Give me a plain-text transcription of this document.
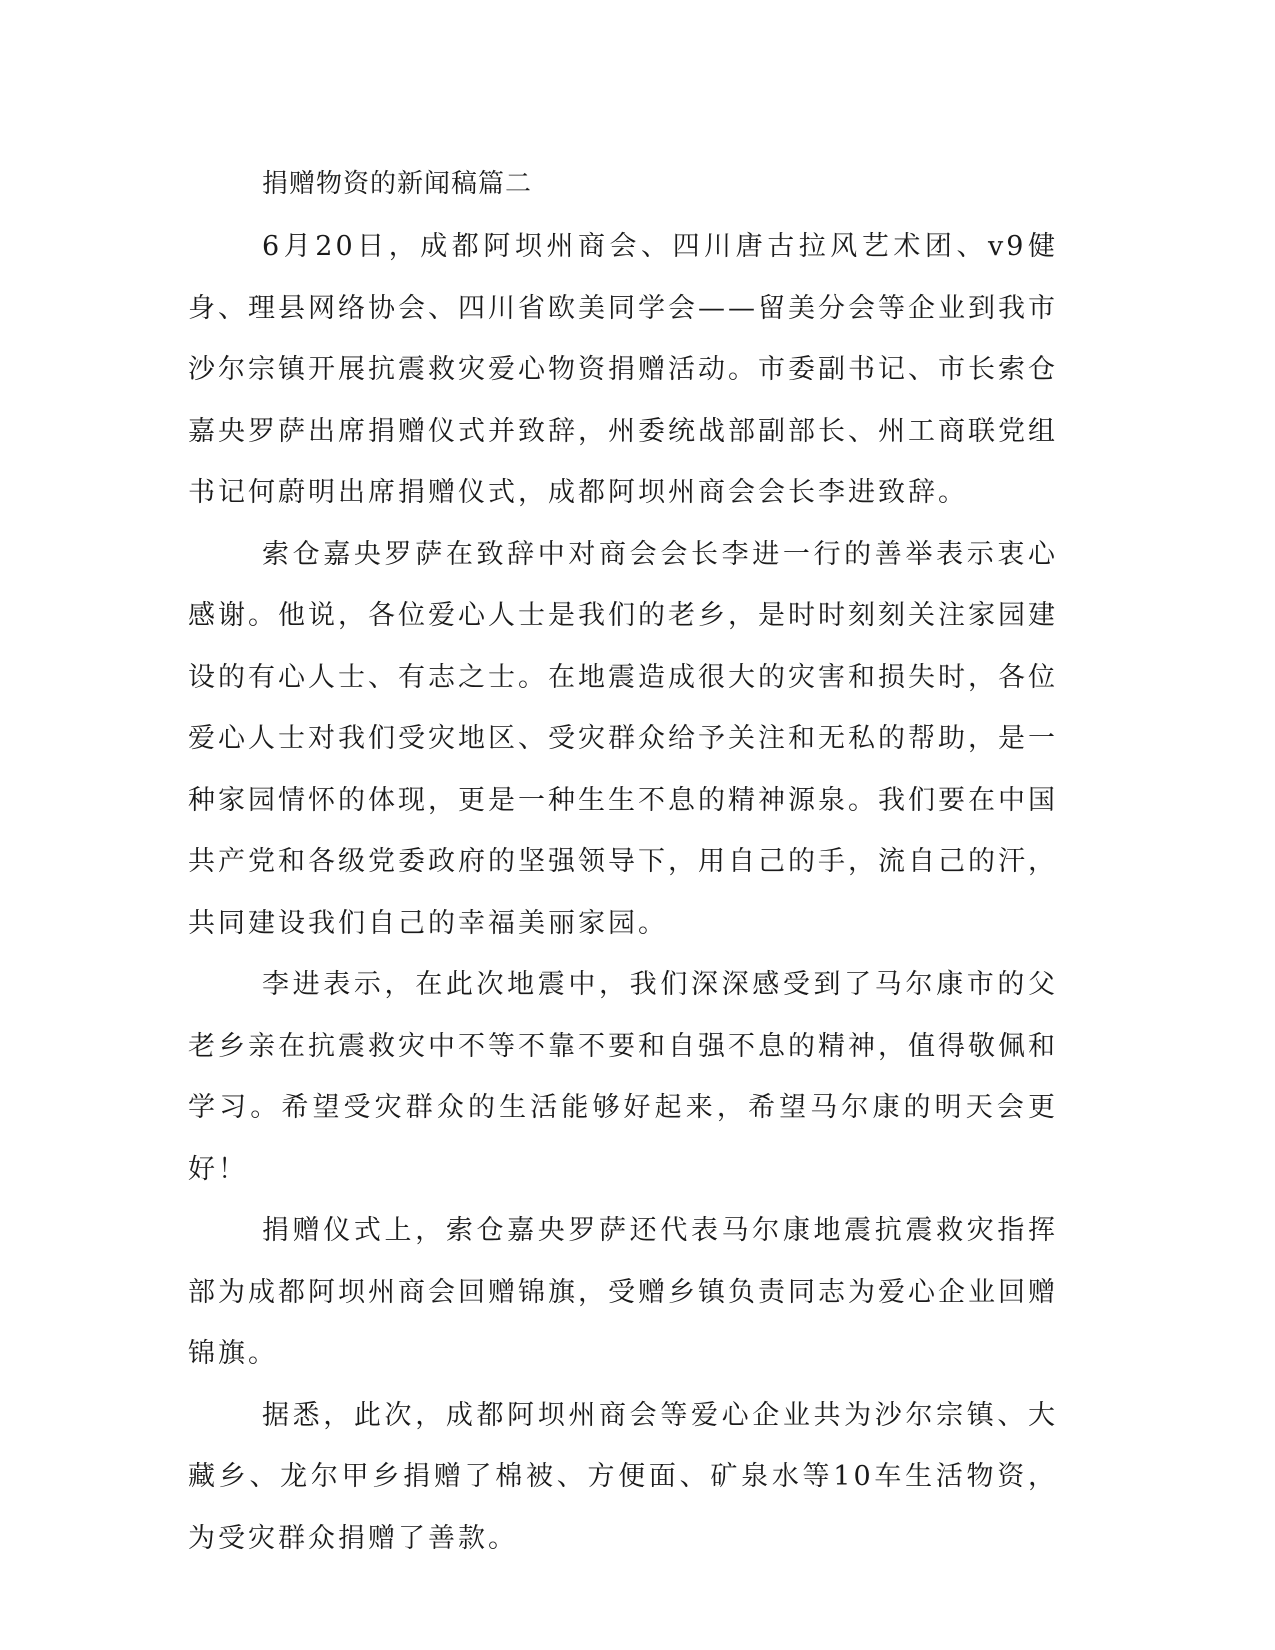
捐赠物资的新闻稿篇二

6月20日，成都阿坝州商会、四川唐古拉风艺术团、v9健身、理县网络协会、四川省欧美同学会——留美分会等企业到我市沙尔宗镇开展抗震救灾爱心物资捐赠活动。市委副书记、市长索仓嘉央罗萨出席捐赠仪式并致辞，州委统战部副部长、州工商联党组书记何蔚明出席捐赠仪式，成都阿坝州商会会长李进致辞。

索仓嘉央罗萨在致辞中对商会会长李进一行的善举表示衷心感谢。他说，各位爱心人士是我们的老乡，是时时刻刻关注家园建设的有心人士、有志之士。在地震造成很大的灾害和损失时，各位爱心人士对我们受灾地区、受灾群众给予关注和无私的帮助，是一种家园情怀的体现，更是一种生生不息的精神源泉。我们要在中国共产党和各级党委政府的坚强领导下，用自己的手，流自己的汗，共同建设我们自己的幸福美丽家园。

李进表示，在此次地震中，我们深深感受到了马尔康市的父老乡亲在抗震救灾中不等不靠不要和自强不息的精神，值得敬佩和学习。希望受灾群众的生活能够好起来，希望马尔康的明天会更好！

捐赠仪式上，索仓嘉央罗萨还代表马尔康地震抗震救灾指挥部为成都阿坝州商会回赠锦旗，受赠乡镇负责同志为爱心企业回赠锦旗。

据悉，此次，成都阿坝州商会等爱心企业共为沙尔宗镇、大藏乡、龙尔甲乡捐赠了棉被、方便面、矿泉水等10车生活物资，为受灾群众捐赠了善款。
